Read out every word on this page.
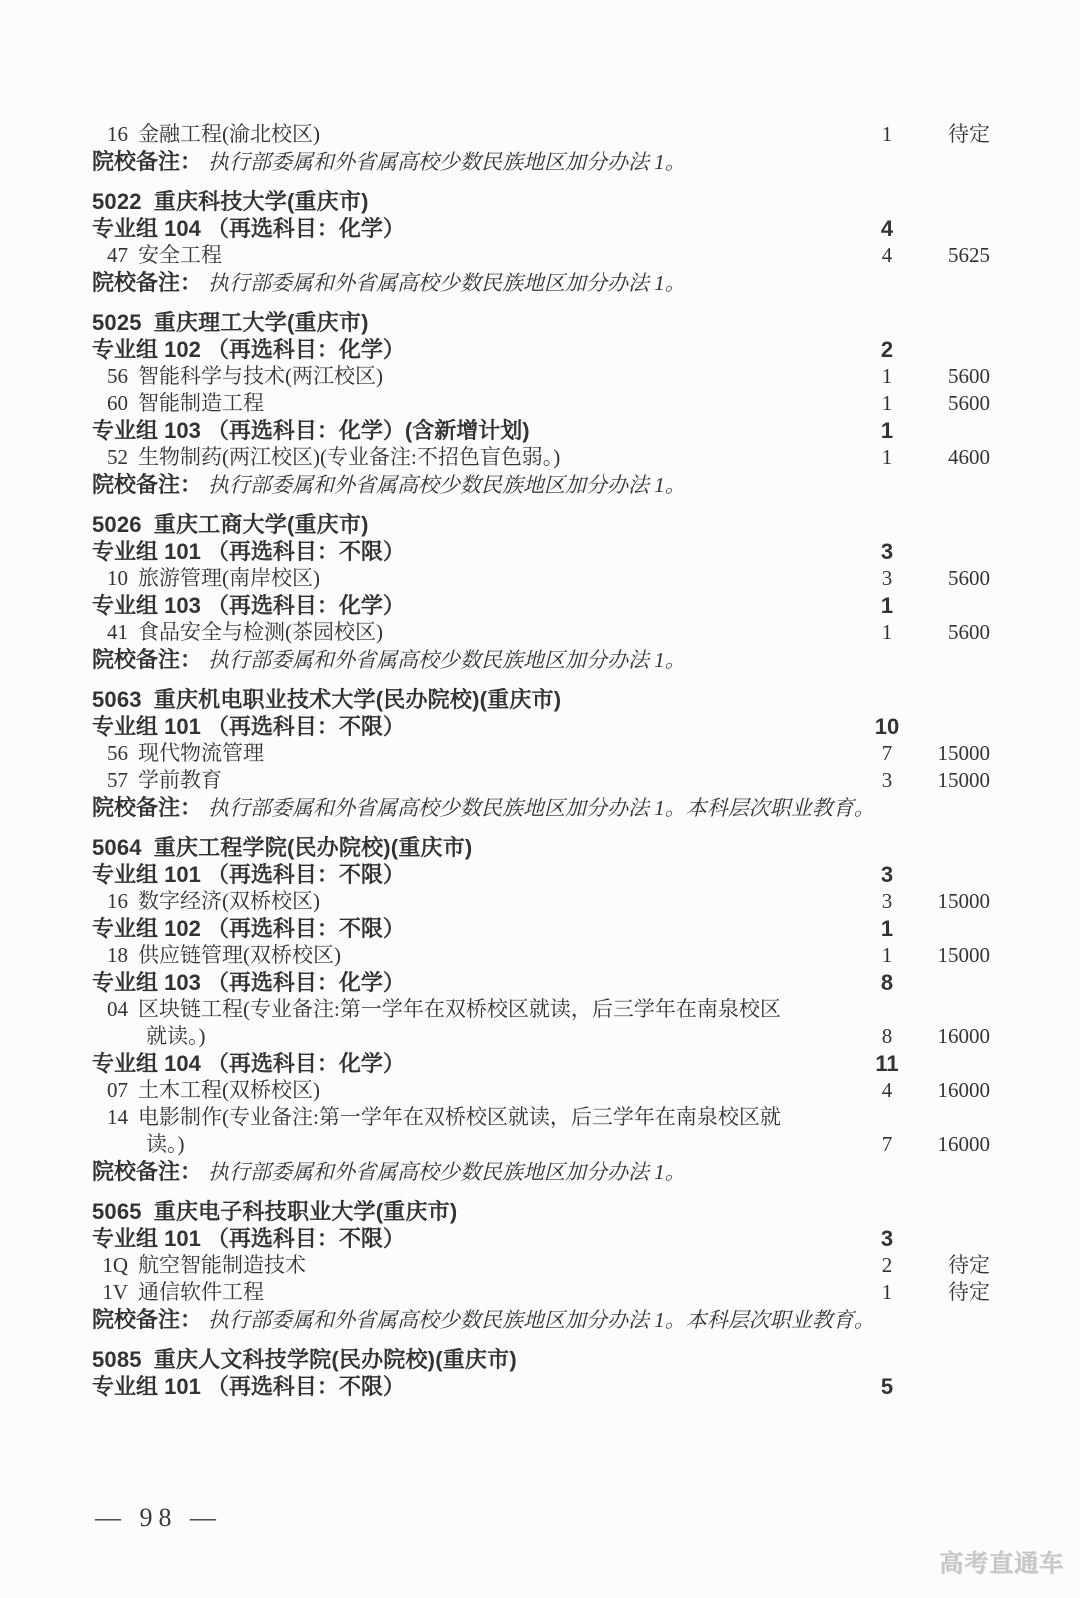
16 金融工程(渝北校区)	1	待定
院校备注： 执行部委属和外省属高校少数民族地区加分办法 1。
5022 重庆科技大学(重庆市)
专业组 104 （再选科目：化学）	4
47 安全工程	4	5625
院校备注： 执行部委属和外省属高校少数民族地区加分办法 1。
5025 重庆理工大学(重庆市)
专业组 102 （再选科目：化学）	2
56 智能科学与技术(两江校区)	1	5600
60 智能制造工程	1	5600
专业组 103 （再选科目：化学）(含新增计划)	1
52 生物制药(两江校区)(专业备注:不招色盲色弱。)	1	4600
院校备注： 执行部委属和外省属高校少数民族地区加分办法 1。
5026 重庆工商大学(重庆市)
专业组 101 （再选科目：不限）	3
10 旅游管理(南岸校区)	3	5600
专业组 103 （再选科目：化学）	1
41 食品安全与检测(茶园校区)	1	5600
院校备注： 执行部委属和外省属高校少数民族地区加分办法 1。
5063 重庆机电职业技术大学(民办院校)(重庆市)
专业组 101 （再选科目：不限）	10
56 现代物流管理	7	15000
57 学前教育	3	15000
院校备注： 执行部委属和外省属高校少数民族地区加分办法 1。本科层次职业教育。
5064 重庆工程学院(民办院校)(重庆市)
专业组 101 （再选科目：不限）	3
16 数字经济(双桥校区)	3	15000
专业组 102 （再选科目：不限）	1
18 供应链管理(双桥校区)	1	15000
专业组 103 （再选科目：化学）	8
04 区块链工程(专业备注:第一学年在双桥校区就读，后三学年在南泉校区
就读。)	8	16000
专业组 104 （再选科目：化学）	11
07 土木工程(双桥校区)	4	16000
14 电影制作(专业备注:第一学年在双桥校区就读，后三学年在南泉校区就
读。)	7	16000
院校备注： 执行部委属和外省属高校少数民族地区加分办法 1。
5065 重庆电子科技职业大学(重庆市)
专业组 101 （再选科目：不限）	3
1Q 航空智能制造技术	2	待定
1V 通信软件工程	1	待定
院校备注： 执行部委属和外省属高校少数民族地区加分办法 1。本科层次职业教育。
5085 重庆人文科技学院(民办院校)(重庆市)
专业组 101 （再选科目：不限）	5
— 98 —
高考直通车
